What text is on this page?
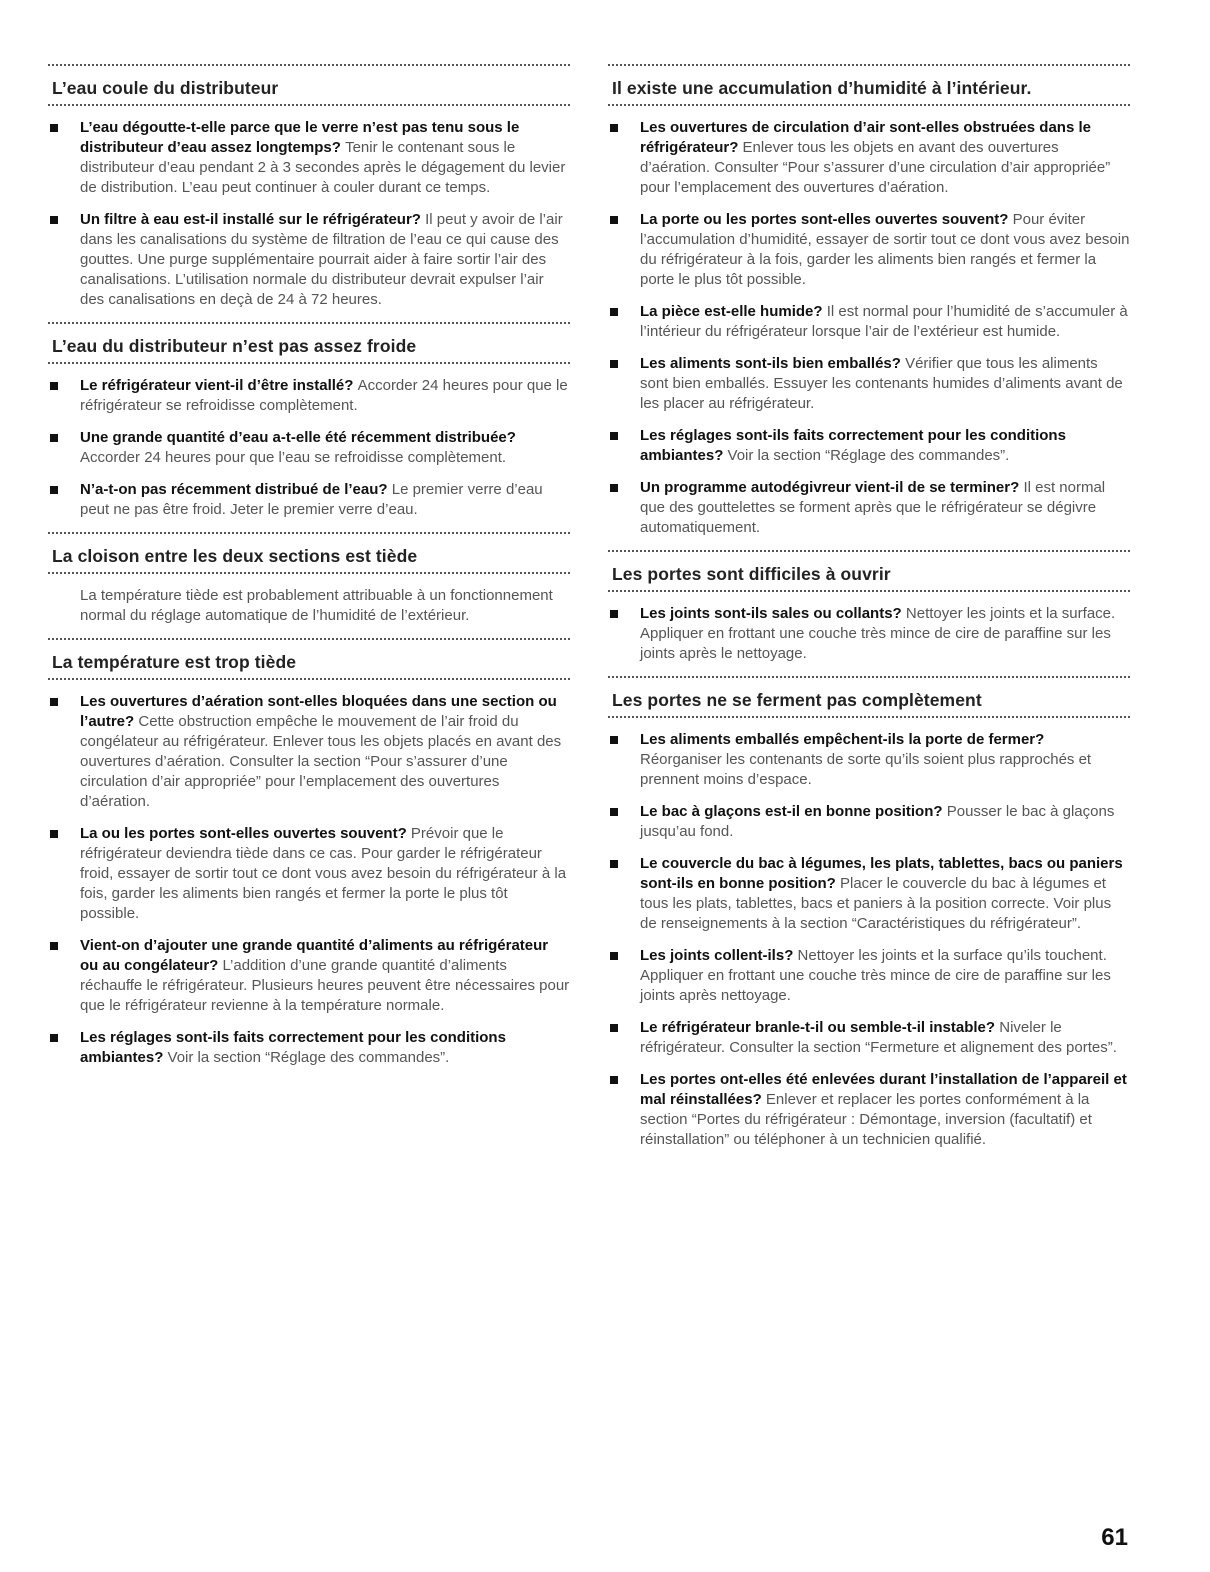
L’eau coule du distributeur
L’eau dégoutte-t-elle parce que le verre n’est pas tenu sous le distributeur d’eau assez longtemps? Tenir le contenant sous le distributeur d’eau pendant 2 à 3 secondes après le dégagement du levier de distribution. L’eau peut continuer à couler durant ce temps.
Un filtre à eau est-il installé sur le réfrigérateur? Il peut y avoir de l’air dans les canalisations du système de filtration de l’eau ce qui cause des gouttes. Une purge supplémentaire pourrait aider à faire sortir l’air des canalisations. L’utilisation normale du distributeur devrait expulser l’air des canalisations en deçà de 24 à 72 heures.
L’eau du distributeur n’est pas assez froide
Le réfrigérateur vient-il d’être installé? Accorder 24 heures pour que le réfrigérateur se refroidisse complètement.
Une grande quantité d’eau a-t-elle été récemment distribuée? Accorder 24 heures pour que l’eau se refroidisse complètement.
N’a-t-on pas récemment distribué de l’eau? Le premier verre d’eau peut ne pas être froid. Jeter le premier verre d’eau.
La cloison entre les deux sections est tiède
La température tiède est probablement attribuable à un fonctionnement normal du réglage automatique de l’humidité de l’extérieur.
La température est trop tiède
Les ouvertures d’aération sont-elles bloquées dans une section ou l’autre? Cette obstruction empêche le mouvement de l’air froid du congélateur au réfrigérateur. Enlever tous les objets placés en avant des ouvertures d’aération. Consulter la section “Pour s’assurer d’une circulation d’air appropriée” pour l’emplacement des ouvertures d’aération.
La ou les portes sont-elles ouvertes souvent? Prévoir que le réfrigérateur deviendra tiède dans ce cas. Pour garder le réfrigérateur froid, essayer de sortir tout ce dont vous avez besoin du réfrigérateur à la fois, garder les aliments bien rangés et fermer la porte le plus tôt possible.
Vient-on d’ajouter une grande quantité d’aliments au réfrigérateur ou au congélateur? L’addition d’une grande quantité d’aliments réchauffe le réfrigérateur. Plusieurs heures peuvent être nécessaires pour que le réfrigérateur revienne à la température normale.
Les réglages sont-ils faits correctement pour les conditions ambiantes? Voir la section “Réglage des commandes”.
Il existe une accumulation d’humidité à l’intérieur.
Les ouvertures de circulation d’air sont-elles obstruées dans le réfrigérateur? Enlever tous les objets en avant des ouvertures d’aération. Consulter “Pour s’assurer d’une circulation d’air appropriée” pour l’emplacement des ouvertures d’aération.
La porte ou les portes sont-elles ouvertes souvent? Pour éviter l’accumulation d’humidité, essayer de sortir tout ce dont vous avez besoin du réfrigérateur à la fois, garder les aliments bien rangés et fermer la porte le plus tôt possible.
La pièce est-elle humide? Il est normal pour l’humidité de s’accumuler à l’intérieur du réfrigérateur lorsque l’air de l’extérieur est humide.
Les aliments sont-ils bien emballés? Vérifier que tous les aliments sont bien emballés. Essuyer les contenants humides d’aliments avant de les placer au réfrigérateur.
Les réglages sont-ils faits correctement pour les conditions ambiantes? Voir la section “Réglage des commandes”.
Un programme autodégivreur vient-il de se terminer? Il est normal que des gouttelettes se forment après que le réfrigérateur se dégivre automatiquement.
Les portes sont difficiles à ouvrir
Les joints sont-ils sales ou collants? Nettoyer les joints et la surface. Appliquer en frottant une couche très mince de cire de paraffine sur les joints après le nettoyage.
Les portes ne se ferment pas complètement
Les aliments emballés empêchent-ils la porte de fermer? Réorganiser les contenants de sorte qu’ils soient plus rapprochés et prennent moins d’espace.
Le bac à glaçons est-il en bonne position? Pousser le bac à glaçons jusqu’au fond.
Le couvercle du bac à légumes, les plats, tablettes, bacs ou paniers sont-ils en bonne position? Placer le couvercle du bac à légumes et tous les plats, tablettes, bacs et paniers à la position correcte. Voir plus de renseignements à la section “Caractéristiques du réfrigérateur”.
Les joints collent-ils? Nettoyer les joints et la surface qu’ils touchent. Appliquer en frottant une couche très mince de cire de paraffine sur les joints après nettoyage.
Le réfrigérateur branle-t-il ou semble-t-il instable? Niveler le réfrigérateur. Consulter la section “Fermeture et alignement des portes”.
Les portes ont-elles été enlevées durant l’installation de l’appareil et mal réinstallées? Enlever et replacer les portes conformément à la section “Portes du réfrigérateur : Démontage, inversion (facultatif) et réinstallation” ou téléphoner à un technicien qualifié.
61
